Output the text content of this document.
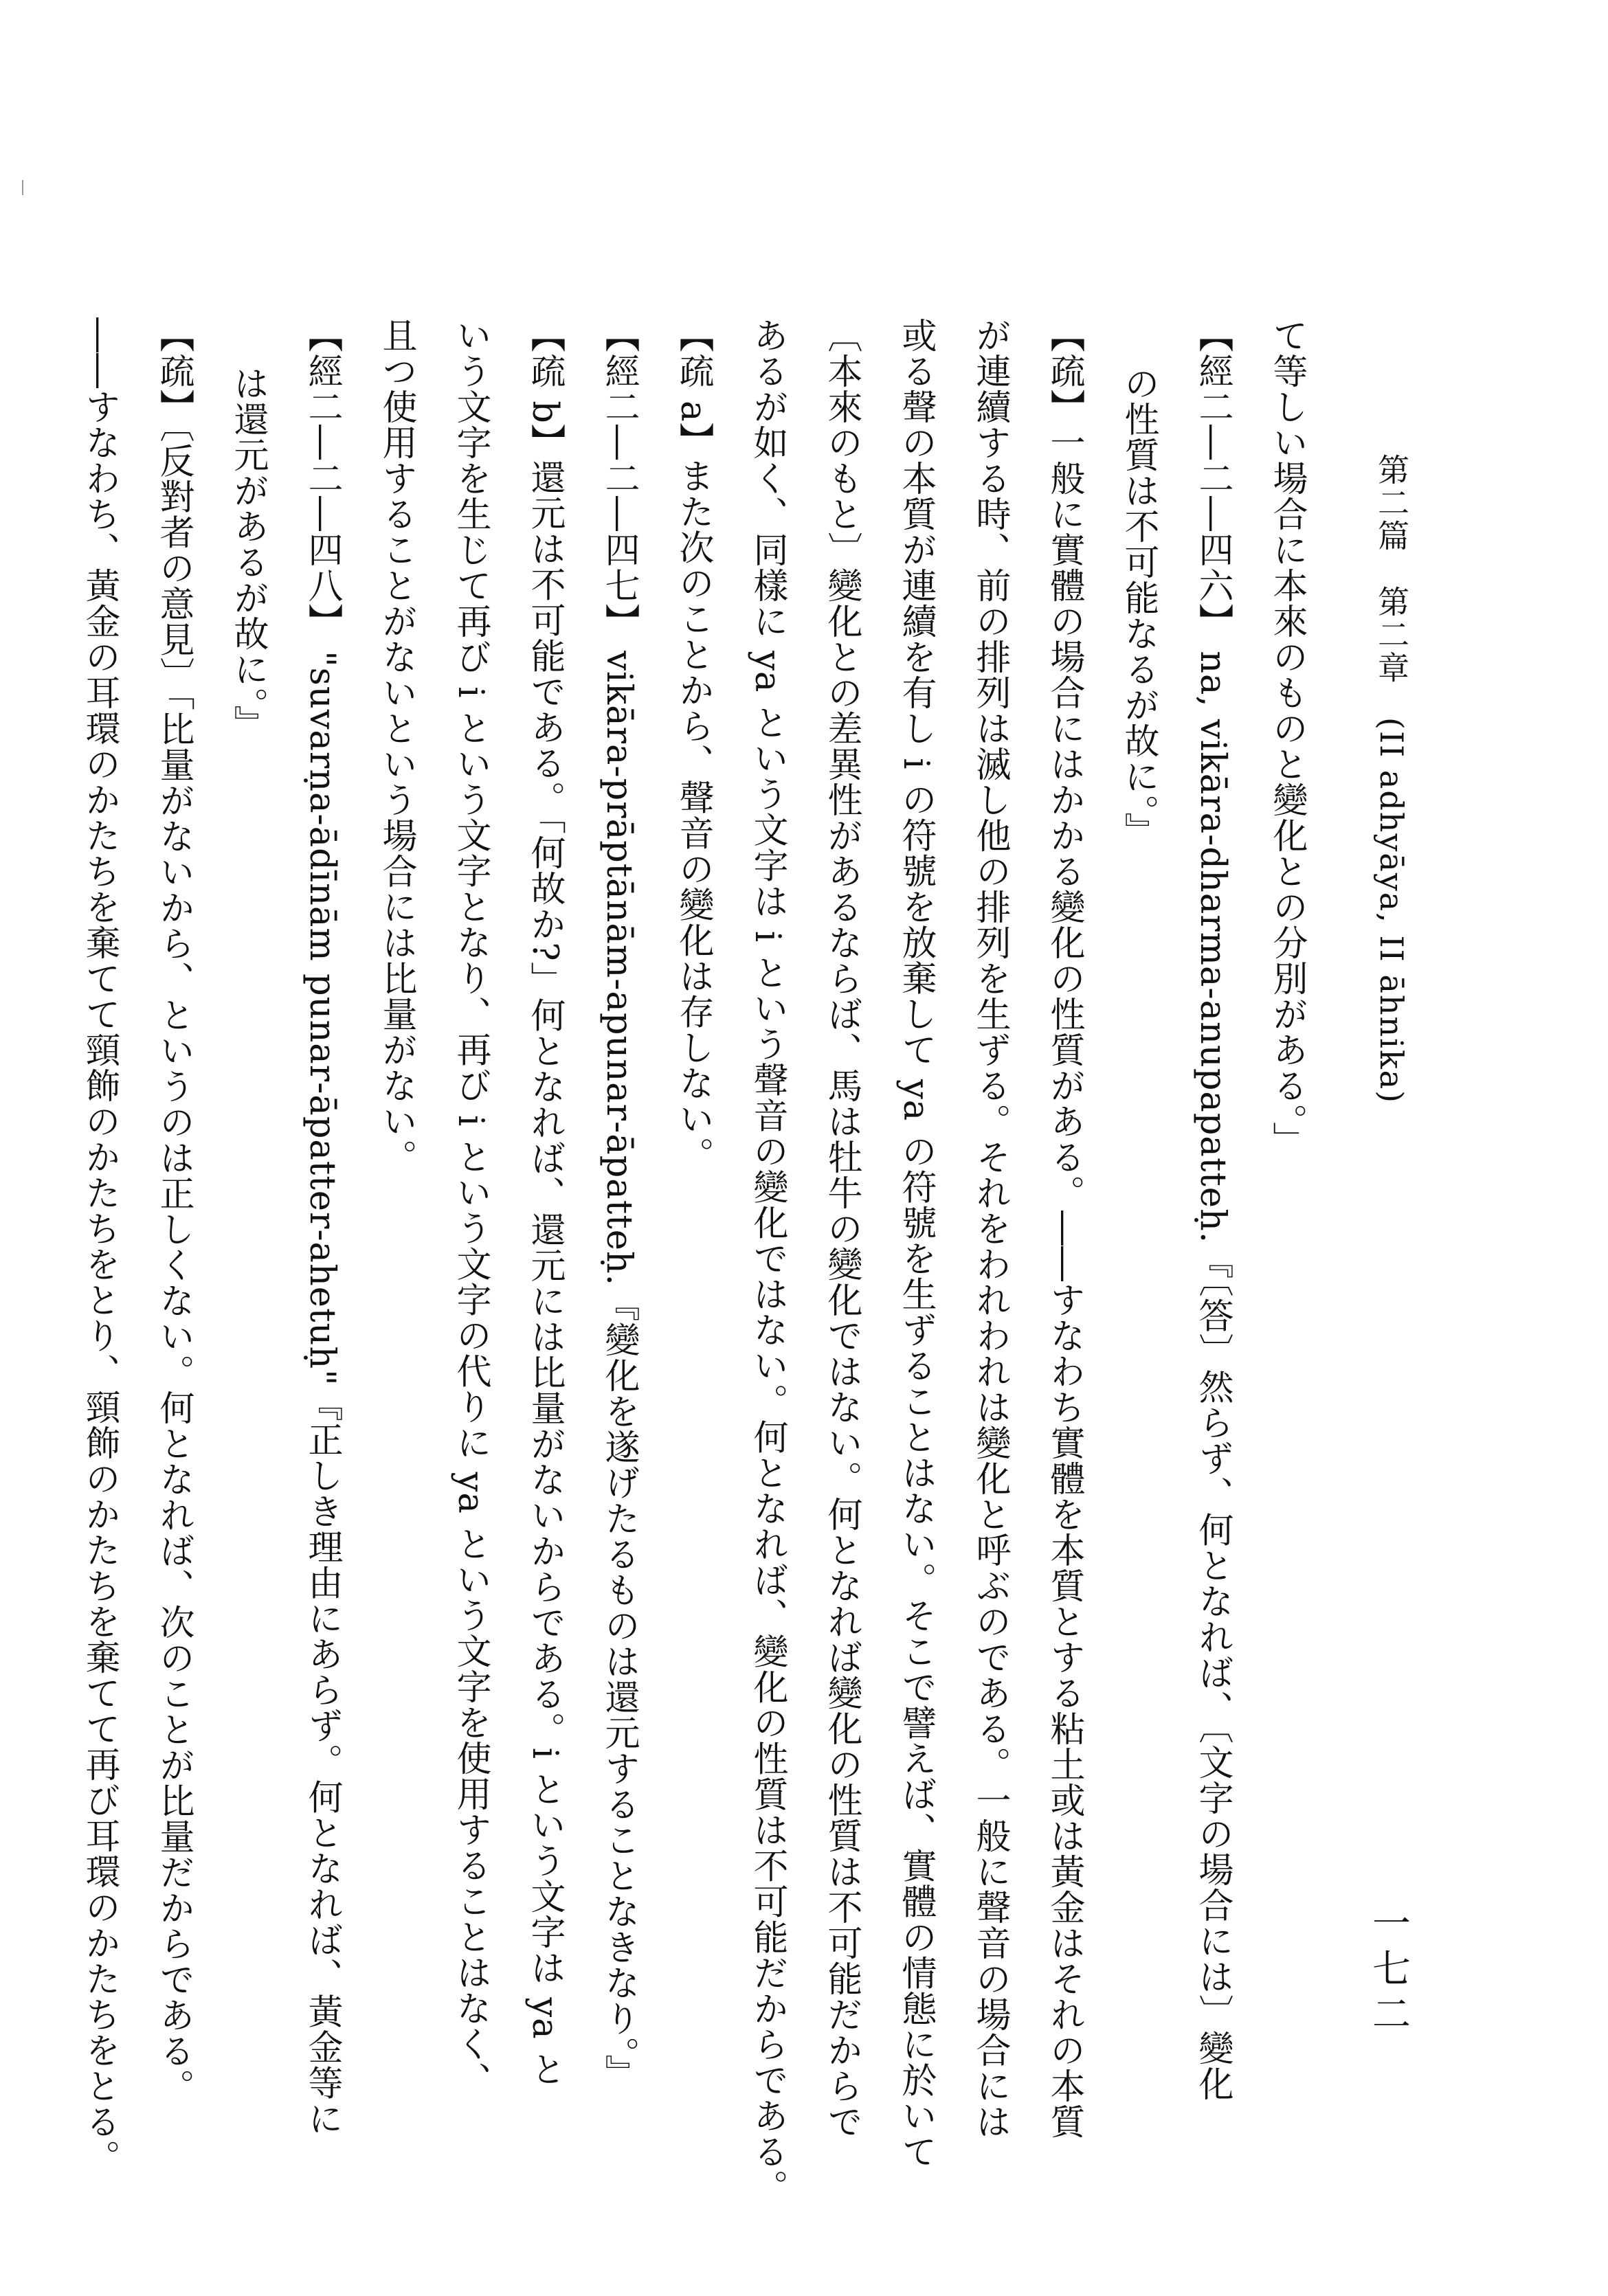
第二篇　第二章　(II adhyāya, II āhnika)
一七二
て等しい場合に本來のものと變化との分別がある。」
【經二―二―四六】 na, vikāra-dharma-anupapatteḥ.『〔答〕然らず、何となれば、〔文字の場合には〕變化
の性質は不可能なるが故に。』
【疏】一般に實體の場合にはかかる變化の性質がある。――すなわち實體を本質とする粘土或は黃金はそれの本質
が連續する時、前の排列は滅し他の排列を生ずる。それをわれわれは變化と呼ぶのである。一般に聲音の場合には
或る聲の本質が連續を有し i の符號を放棄して ya の符號を生ずることはない。そこで譬えば、實體の情態に於いて
〔本來のもと〕變化との差異性があるならば、馬は牡牛の變化ではない。何となれば變化の性質は不可能だからで
あるが如く、同樣に ya という文字は i という聲音の變化ではない。何となれば、變化の性質は不可能だからである。
【疏 a】また次のことから、聲音の變化は存しない。
【經二―二―四七】 vikāra-prāptānām-apunar-āpatteḥ.『變化を遂げたるものは還元することなきなり。』
【疏 b】還元は不可能である。「何故か?」何となれば、還元には比量がないからである。i という文字は ya と
いう文字を生じて再び i という文字となり、再び i という文字の代りに ya という文字を使用することはなく、
且つ使用することがないという場合には比量がない。
【經二―二―四八】 "suvarṇa-ādīnām punar-āpatter-ahetuḥ"『正しき理由にあらず。何となれば、黃金等に
は還元があるが故に。』
【疏】〔反對者の意見〕「比量がないから、というのは正しくない。何となれば、次のことが比量だからである。
――すなわち、黃金の耳環のかたちを棄てて頸飾のかたちをとり、頸飾のかたちを棄てて再び耳環のかたちをとる。
